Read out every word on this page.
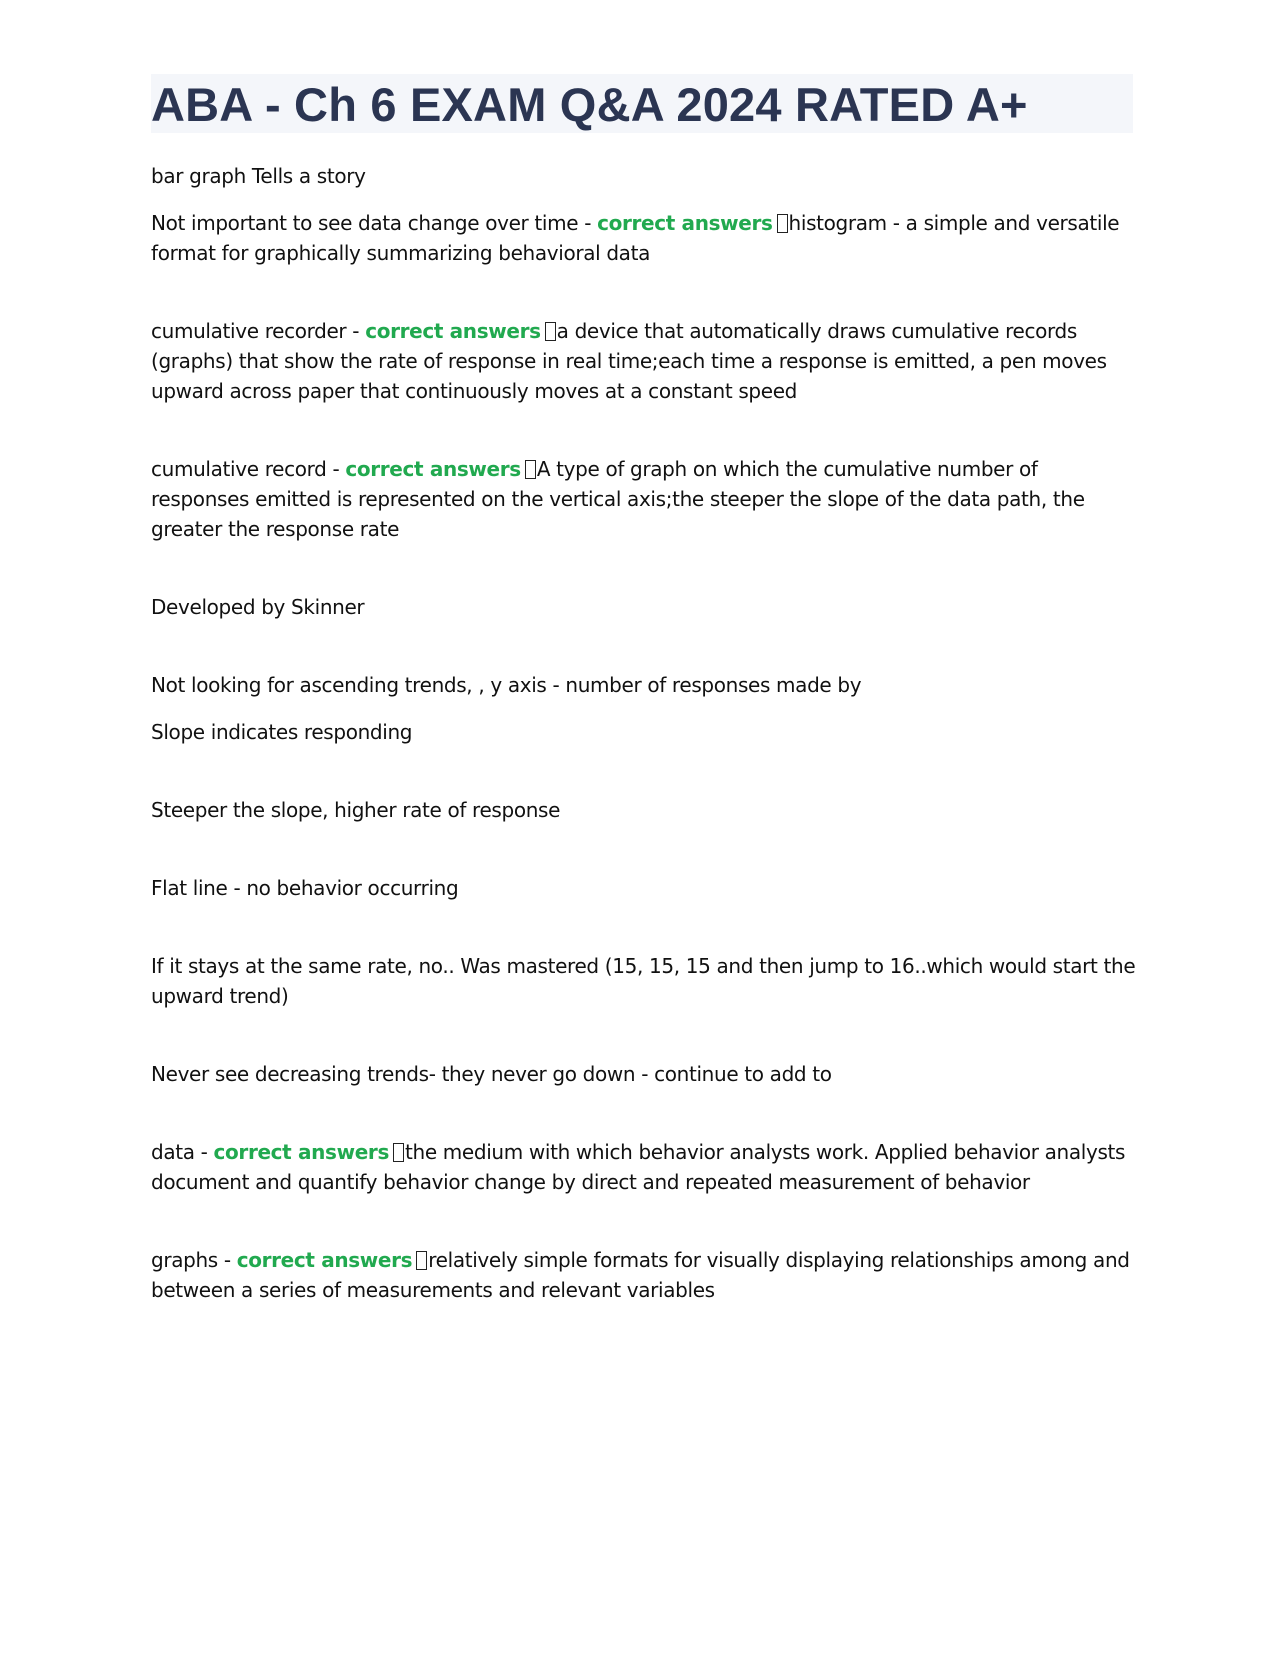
ABA - Ch 6 EXAM Q&A 2024 RATED A+

bar graph Tells a story

Not important to see data change over time - correct answers histogram - a simple and versatile format for graphically summarizing behavioral data

cumulative recorder - correct answers a device that automatically draws cumulative records (graphs) that show the rate of response in real time;each time a response is emitted, a pen moves upward across paper that continuously moves at a constant speed

cumulative record - correct answers A type of graph on which the cumulative number of responses emitted is represented on the vertical axis;the steeper the slope of the data path, the greater the response rate

Developed by Skinner

Not looking for ascending trends, , y axis - number of responses made by

Slope indicates responding

Steeper the slope, higher rate of response

Flat line - no behavior occurring

If it stays at the same rate, no.. Was mastered (15, 15, 15 and then jump to 16..which would start the upward trend)

Never see decreasing trends- they never go down - continue to add to

data - correct answers the medium with which behavior analysts work. Applied behavior analysts document and quantify behavior change by direct and repeated measurement of behavior

graphs - correct answers relatively simple formats for visually displaying relationships among and between a series of measurements and relevant variables
